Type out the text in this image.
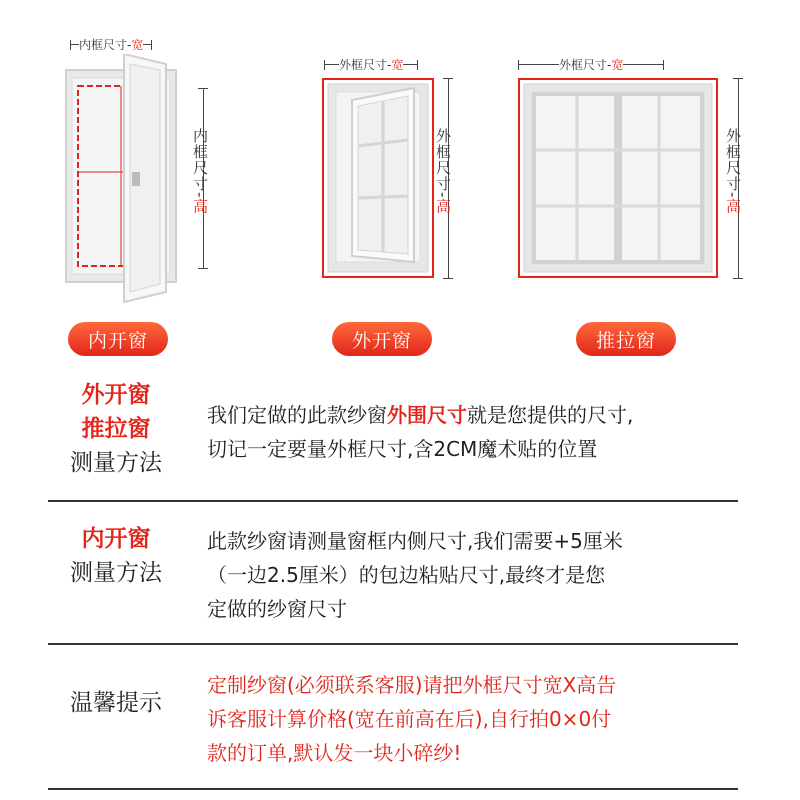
内框尺寸-宽
内框尺寸-高
外框尺寸-宽
外框尺寸-高
外框尺寸-宽
外框尺寸-高
内开窗	外开窗	推拉窗
外开窗
推拉窗
测量方法
我们定做的此款纱窗外围尺寸就是您提供的尺寸,
切记一定要量外框尺寸,含2CM魔术贴的位置
内开窗
测量方法
此款纱窗请测量窗框内侧尺寸,我们需要+5厘米
（一边2.5厘米）的包边粘贴尺寸,最终才是您
定做的纱窗尺寸
温馨提示
定制纱窗(必须联系客服)请把外框尺寸宽X高告
诉客服计算价格(宽在前高在后),自行拍0×0付
款的订单,默认发一块小碎纱!
